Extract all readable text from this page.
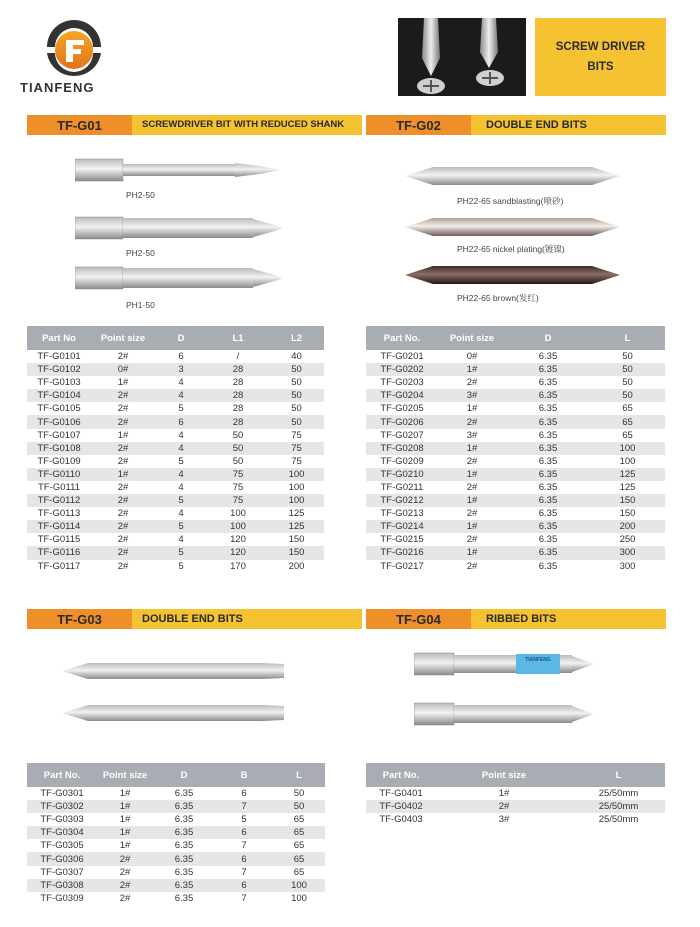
TIANFENG
SCREW DRIVER
BITS
TF-G01	SCREWDRIVER BIT WITH REDUCED SHANK	TF-G02	DOUBLE END BITS
PH2-50
PH2-50
PH1-50
PH22-65 sandblasting(喷砂)
PH22-65 nickel plating(镀镍)
PH22-65 brown(发红)
Part No	Point size	D	L1	L2
TF-G0101	2#	6	/	40
TF-G0102	0#	3	28	50
TF-G0103	1#	4	28	50
TF-G0104	2#	4	28	50
TF-G0105	2#	5	28	50
TF-G0106	2#	6	28	50
TF-G0107	1#	4	50	75
TF-G0108	2#	4	50	75
TF-G0109	2#	5	50	75
TF-G0110	1#	4	75	100
TF-G0111	2#	4	75	100
TF-G0112	2#	5	75	100
TF-G0113	2#	4	100	125
TF-G0114	2#	5	100	125
TF-G0115	2#	4	120	150
TF-G0116	2#	5	120	150
TF-G0117	2#	5	170	200
Part No.	Point size	D	L
TF-G0201	0#	6.35	50
TF-G0202	1#	6.35	50
TF-G0203	2#	6.35	50
TF-G0204	3#	6.35	50
TF-G0205	1#	6.35	65
TF-G0206	2#	6.35	65
TF-G0207	3#	6.35	65
TF-G0208	1#	6.35	100
TF-G0209	2#	6.35	100
TF-G0210	1#	6.35	125
TF-G0211	2#	6.35	125
TF-G0212	1#	6.35	150
TF-G0213	2#	6.35	150
TF-G0214	1#	6.35	200
TF-G0215	2#	6.35	250
TF-G0216	1#	6.35	300
TF-G0217	2#	6.35	300
TF-G03	DOUBLE END BITS	TF-G04	RIBBED BITS
TIANFENG
Part No.	Point size	D	B	L
TF-G0301	1#	6.35	6	50
TF-G0302	1#	6.35	7	50
TF-G0303	1#	6.35	5	65
TF-G0304	1#	6.35	6	65
TF-G0305	1#	6.35	7	65
TF-G0306	2#	6.35	6	65
TF-G0307	2#	6.35	7	65
TF-G0308	2#	6.35	6	100
TF-G0309	2#	6.35	7	100
Part No.	Point size	L
TF-G0401	1#	25/50mm
TF-G0402	2#	25/50mm
TF-G0403	3#	25/50mm
